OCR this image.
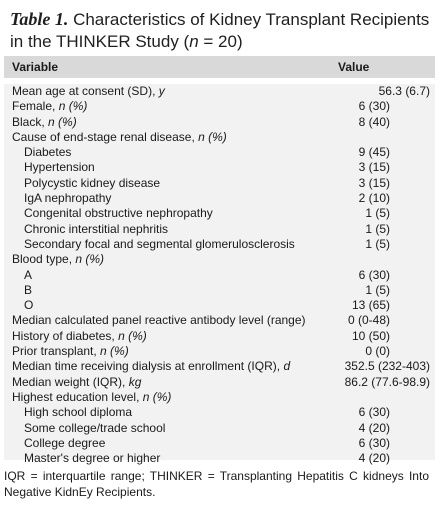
Table 1. Characteristics of Kidney Transplant Recipients in the THINKER Study (n = 20)
Variable	Value
Mean age at consent (SD), y	56.3 (6.7)
Female, n (%)	6 (30)
Black, n (%)	8 (40)
Cause of end-stage renal disease, n (%)
Diabetes	9 (45)
Hypertension	3 (15)
Polycystic kidney disease	3 (15)
IgA nephropathy	2 (10)
Congenital obstructive nephropathy	1 (5)
Chronic interstitial nephritis	1 (5)
Secondary focal and segmental glomerulosclerosis	1 (5)
Blood type, n (%)
A	6 (30)
B	1 (5)
O	13 (65)
Median calculated panel reactive antibody level (range)	0 (0-48)
History of diabetes, n (%)	10 (50)
Prior transplant, n (%)	0 (0)
Median time receiving dialysis at enrollment (IQR), d	352.5 (232-403)
Median weight (IQR), kg	86.2 (77.6-98.9)
Highest education level, n (%)
High school diploma	6 (30)
Some college/trade school	4 (20)
College degree	6 (30)
Master's degree or higher	4 (20)
IQR = interquartile range; THINKER = Transplanting Hepatitis C kidneys Into Negative KidnEy Recipients.
